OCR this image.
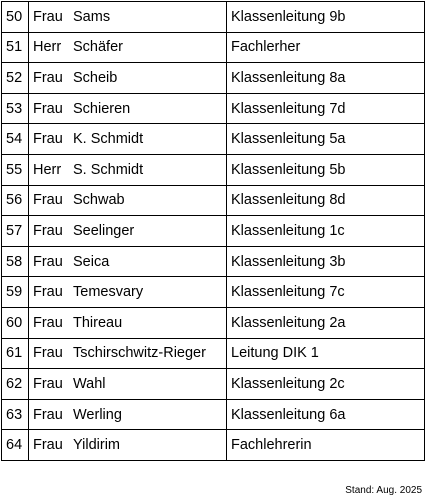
50	Frau Sams	Klassenleitung 9b
51	Herr Schäfer	Fachlerher
52	Frau Scheib	Klassenleitung 8a
53	Frau Schieren	Klassenleitung 7d
54	Frau K. Schmidt	Klassenleitung 5a
55	Herr S. Schmidt	Klassenleitung 5b
56	Frau Schwab	Klassenleitung 8d
57	Frau Seelinger	Klassenleitung 1c
58	Frau Seica	Klassenleitung 3b
59	Frau Temesvary	Klassenleitung 7c
60	Frau Thireau	Klassenleitung 2a
61	Frau Tschirschwitz-Rieger	Leitung DIK 1
62	Frau Wahl	Klassenleitung 2c
63	Frau Werling	Klassenleitung 6a
64	Frau Yildirim	Fachlehrerin
Stand: Aug. 2025
